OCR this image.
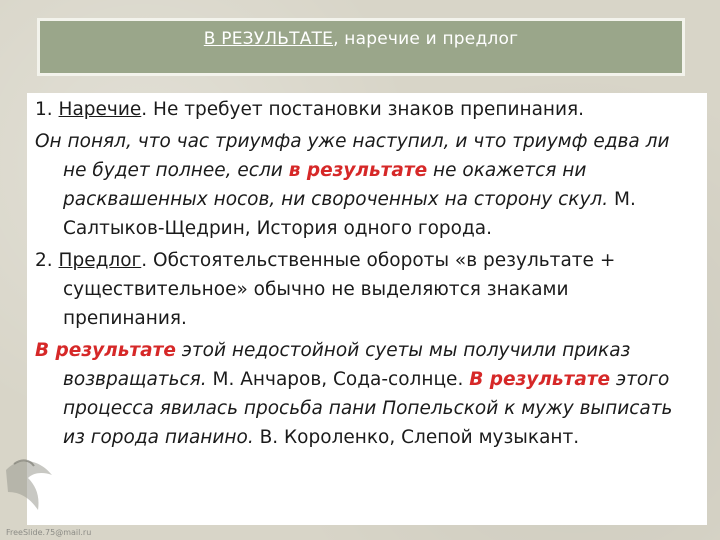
В РЕЗУЛЬТАТЕ, наречие и предлог

1. Наречие. Не требует постановки знаков препинания.

Он понял, что час триумфа уже наступил, и что триумф едва ли не будет полнее, если в результате не окажется ни расквашенных носов, ни свороченных на сторону скул. М. Салтыков-Щедрин, История одного города.

2. Предлог. Обстоятельственные обороты «в результате + существительное» обычно не выделяются знаками препинания.

В результате этой недостойной суеты мы получили приказ возвращаться. М. Анчаров, Сода-солнце. В результате этого процесса явилась просьба пани Попельской к мужу выписать из города пианино. В. Короленко, Слепой музыкант.

FreeSlide.75@mail.ru
